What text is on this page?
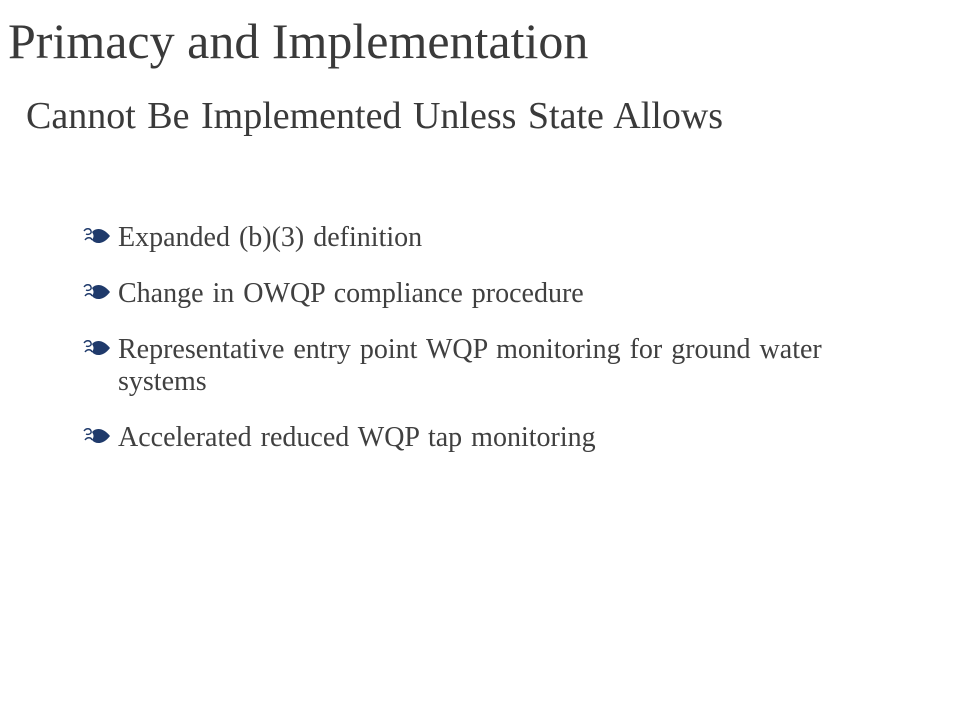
Primacy and Implementation
Cannot Be Implemented Unless State Allows
Expanded (b)(3) definition
Change in OWQP compliance procedure
Representative entry point WQP monitoring for ground water systems
Accelerated reduced WQP tap monitoring
